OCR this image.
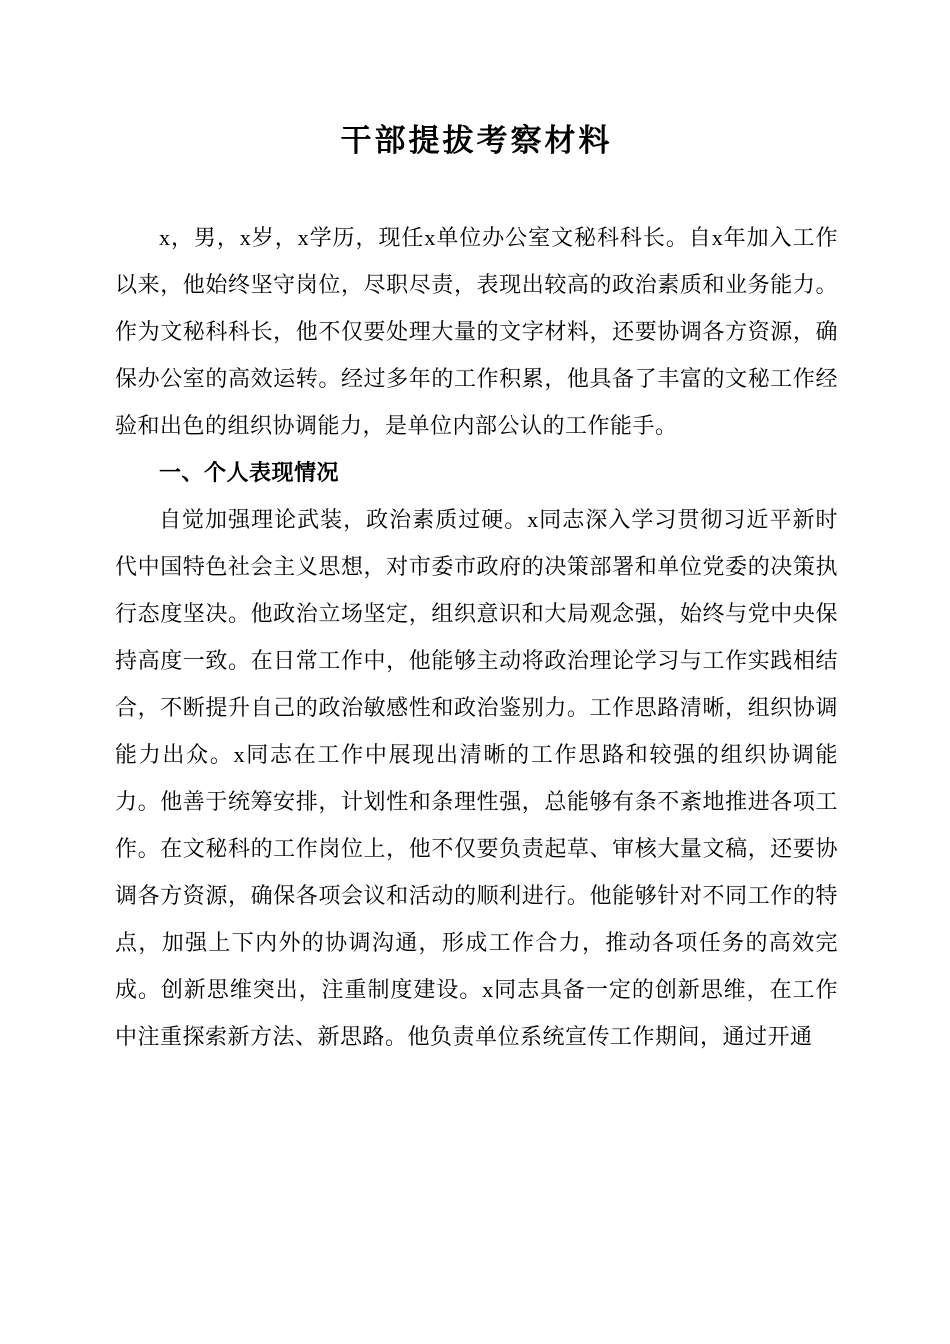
干部提拔考察材料

x，男，x岁，x学历，现任x单位办公室文秘科科长。自x年加入工作以来，他始终坚守岗位，尽职尽责，表现出较高的政治素质和业务能力。作为文秘科科长，他不仅要处理大量的文字材料，还要协调各方资源，确保办公室的高效运转。经过多年的工作积累，他具备了丰富的文秘工作经验和出色的组织协调能力，是单位内部公认的工作能手。

一、个人表现情况

自觉加强理论武装，政治素质过硬。x同志深入学习贯彻习近平新时代中国特色社会主义思想，对市委市政府的决策部署和单位党委的决策执行态度坚决。他政治立场坚定，组织意识和大局观念强，始终与党中央保持高度一致。在日常工作中，他能够主动将政治理论学习与工作实践相结合，不断提升自己的政治敏感性和政治鉴别力。工作思路清晰，组织协调能力出众。x同志在工作中展现出清晰的工作思路和较强的组织协调能力。他善于统筹安排，计划性和条理性强，总能够有条不紊地推进各项工作。在文秘科的工作岗位上，他不仅要负责起草、审核大量文稿，还要协调各方资源，确保各项会议和活动的顺利进行。他能够针对不同工作的特点，加强上下内外的协调沟通，形成工作合力，推动各项任务的高效完成。创新思维突出，注重制度建设。x同志具备一定的创新思维，在工作中注重探索新方法、新思路。他负责单位系统宣传工作期间，通过开通
